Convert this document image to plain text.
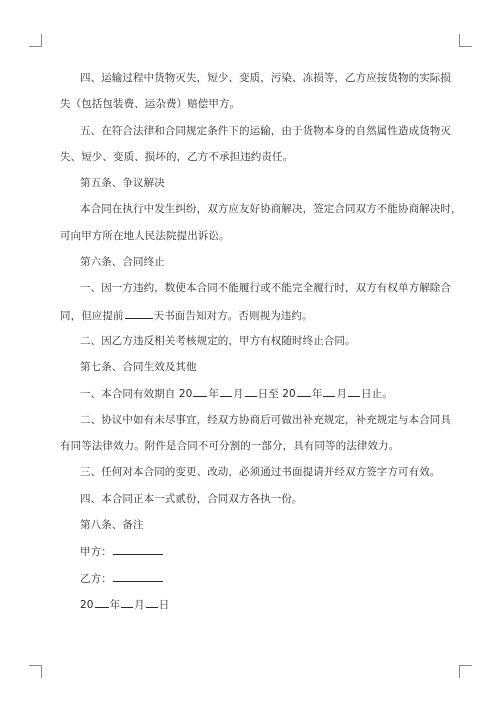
四、运输过程中货物灭失，短少、变质，污染、冻损等，乙方应按货物的实际损
失（包括包装费、运杂费）赔偿甲方。
五、在符合法律和合同规定条件下的运输，由于货物本身的自然属性造成货物灭
失、短少、变质、损坏的，乙方不承担违约责任。
第五条、争议解决
本合同在执行中发生纠纷，双方应友好协商解决，签定合同双方不能协商解决时，
可向甲方所在地人民法院提出诉讼。
第六条、合同终止
一、因一方违约，数使本合同不能履行或不能完全履行时，双方有权单方解除合
同，但应提前	天书面告知对方。否则视为违约。
二、因乙方违反相关考核规定的，甲方有权随时终止合同。
第七条、合同生效及其他
一、本合同有效期自 20 年 月 日至 20 年 月 日止。
二、协议中如有未尽事宜，经双方协商后可做出补充规定，补充规定与本合同具
有同等法律效力。附件是合同不可分割的一部分，具有同等的法律效力。
三、任何对本合同的变更、改动，必须通过书面提请并经双方签字方可有效。
四、本合同正本一式贰份，合同双方各执一份。
第八条、备注
甲方：
乙方：
20 年 月 日
